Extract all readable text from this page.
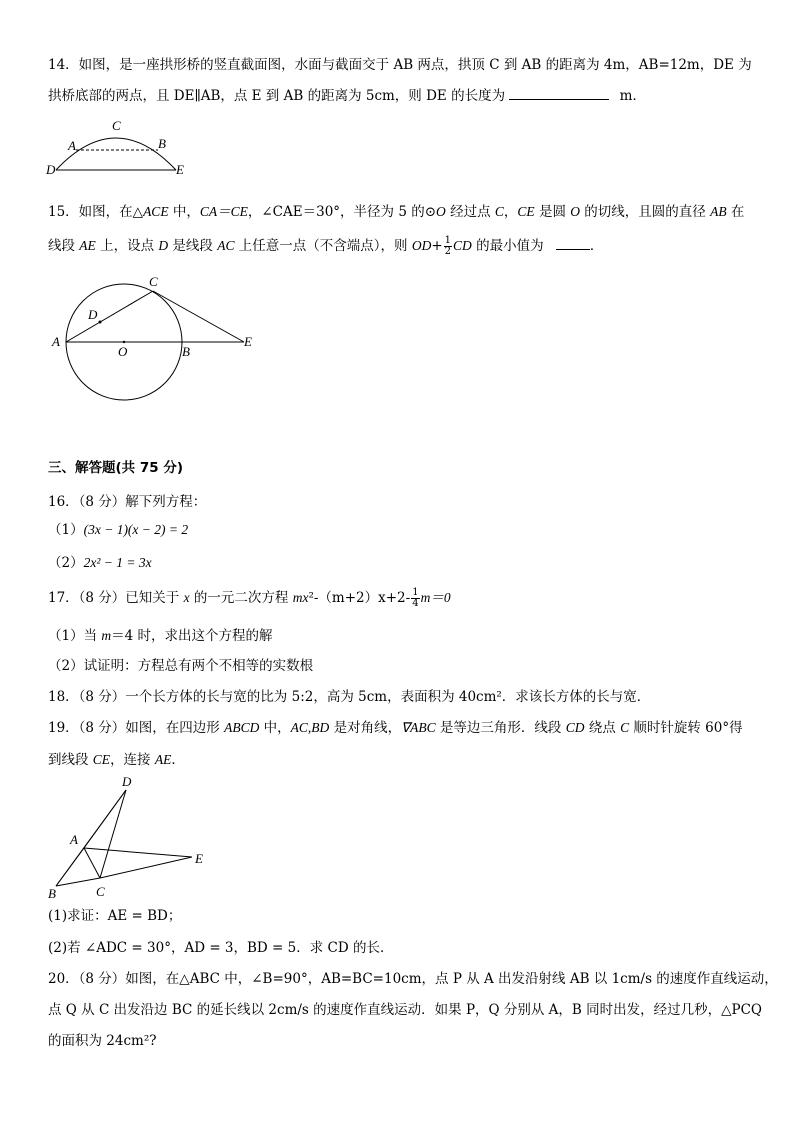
14．如图，是一座拱形桥的竖直截面图，水面与截面交于 AB 两点，拱顶 C 到 AB 的距离为 4m，AB=12m，DE 为
拱桥底部的两点，且 DE∥AB，点 E 到 AB 的距离为 5cm，则 DE 的长度为	m．
C
A	B
D	E
15．如图，在△ACE 中，CA＝CE，∠CAE＝30°，半径为 5 的⊙O 经过点 C，CE 是圆 O 的切线，且圆的直径 AB 在
线段 AE 上，设点 D 是线段 AC 上任意一点（不含端点），则 $OD+ \frac{1}{2}$ CD 的最小值为	．
C
D
A
O	B
E
三、解答题(共 75 分)
16．（8 分）解下列方程：
（1）(3x − 1)(x − 2) = 2
（2）2x² − 1 = 3x
17．（8 分）已知关于 x 的一元二次方程 $mx^2-(m+2)x+2- \frac{1}{4} m=0$
（1）当 m＝4 时，求出这个方程的解
（2）试证明：方程总有两个不相等的实数根
18．（8 分）一个长方体的长与宽的比为 5:2，高为 5cm，表面积为 40cm²．求该长方体的长与宽．
19．（8 分）如图，在四边形 ABCD 中，AC,BD 是对角线，∇ABC 是等边三角形．线段 CD 绕点 C 顺时针旋转 60°得
到线段 CE，连接 AE．
D
A
E
B	C
(1)求证：AE = BD；
(2)若 ∠ADC = 30°，AD = 3，BD = 5．求 CD 的长．
20．（8 分）如图，在△ABC 中，∠B=90°，AB=BC=10cm，点 P 从 A 出发沿射线 AB 以 1cm/s 的速度作直线运动，
点 Q 从 C 出发沿边 BC 的延长线以 2cm/s 的速度作直线运动．如果 P，Q 分别从 A，B 同时出发，经过几秒，△PCQ
的面积为 24cm²?
